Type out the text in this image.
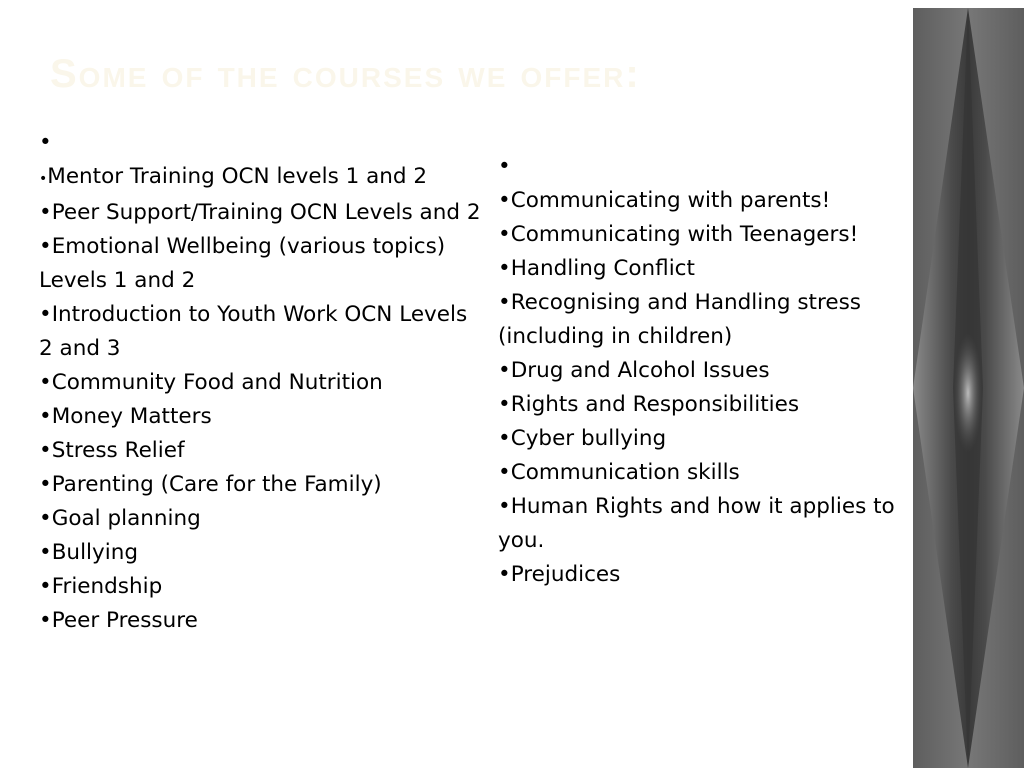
Some of the courses we offer:
•
•Mentor Training OCN levels 1 and 2
•Peer Support/Training OCN Levels and 2
•Emotional Wellbeing (various topics) Levels 1 and 2
•Introduction to Youth Work OCN Levels 2 and 3
•Community Food and Nutrition
•Money Matters
•Stress Relief
•Parenting (Care for the Family)
•Goal planning
•Bullying
•Friendship
•Peer Pressure
•
•Communicating with parents!
•Communicating with Teenagers!
•Handling Conflict
•Recognising and Handling stress (including in children)
•Drug and Alcohol Issues
•Rights and Responsibilities
•Cyber bullying
•Communication skills
•Human Rights and how it applies to you.
•Prejudices
